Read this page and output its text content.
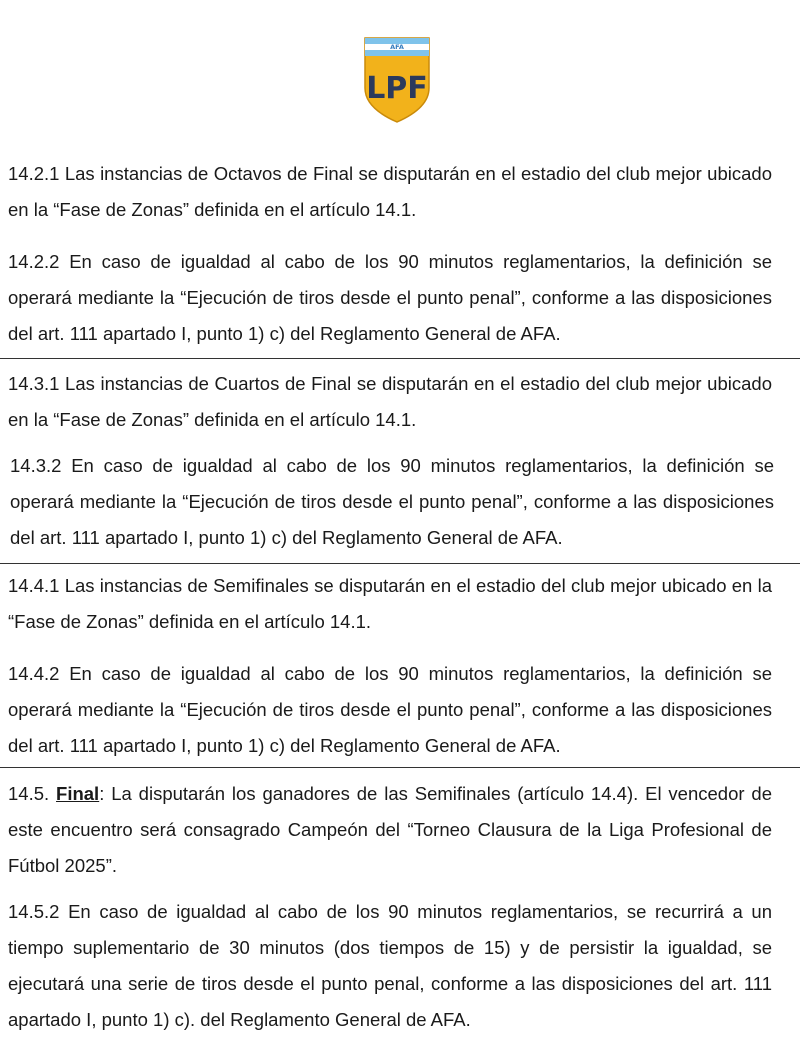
AFA
LPF

14.2.1 Las instancias de Octavos de Final se disputarán en el estadio del club mejor ubicado en la “Fase de Zonas” definida en el artículo 14.1.

14.2.2 En caso de igualdad al cabo de los 90 minutos reglamentarios, la definición se operará mediante la “Ejecución de tiros desde el punto penal”, conforme a las disposiciones del art. 111 apartado I, punto 1) c) del Reglamento General de AFA.

14.3.1 Las instancias de Cuartos de Final se disputarán en el estadio del club mejor ubicado en la “Fase de Zonas” definida en el artículo 14.1.

14.3.2 En caso de igualdad al cabo de los 90 minutos reglamentarios, la definición se operará mediante la “Ejecución de tiros desde el punto penal”, conforme a las disposiciones del art. 111 apartado I, punto 1) c) del Reglamento General de AFA.

14.4.1 Las instancias de Semifinales se disputarán en el estadio del club mejor ubicado en la “Fase de Zonas” definida en el artículo 14.1.

14.4.2 En caso de igualdad al cabo de los 90 minutos reglamentarios, la definición se operará mediante la “Ejecución de tiros desde el punto penal”, conforme a las disposiciones del art. 111 apartado I, punto 1) c) del Reglamento General de AFA.

14.5. Final: La disputarán los ganadores de las Semifinales (artículo 14.4). El vencedor de este encuentro será consagrado Campeón del “Torneo Clausura de la Liga Profesional de Fútbol 2025”.

14.5.2 En caso de igualdad al cabo de los 90 minutos reglamentarios, se recurrirá a un tiempo suplementario de 30 minutos (dos tiempos de 15) y de persistir la igualdad, se ejecutará una serie de tiros desde el punto penal, conforme a las disposiciones del art. 111 apartado I, punto 1) c). del Reglamento General de AFA.
